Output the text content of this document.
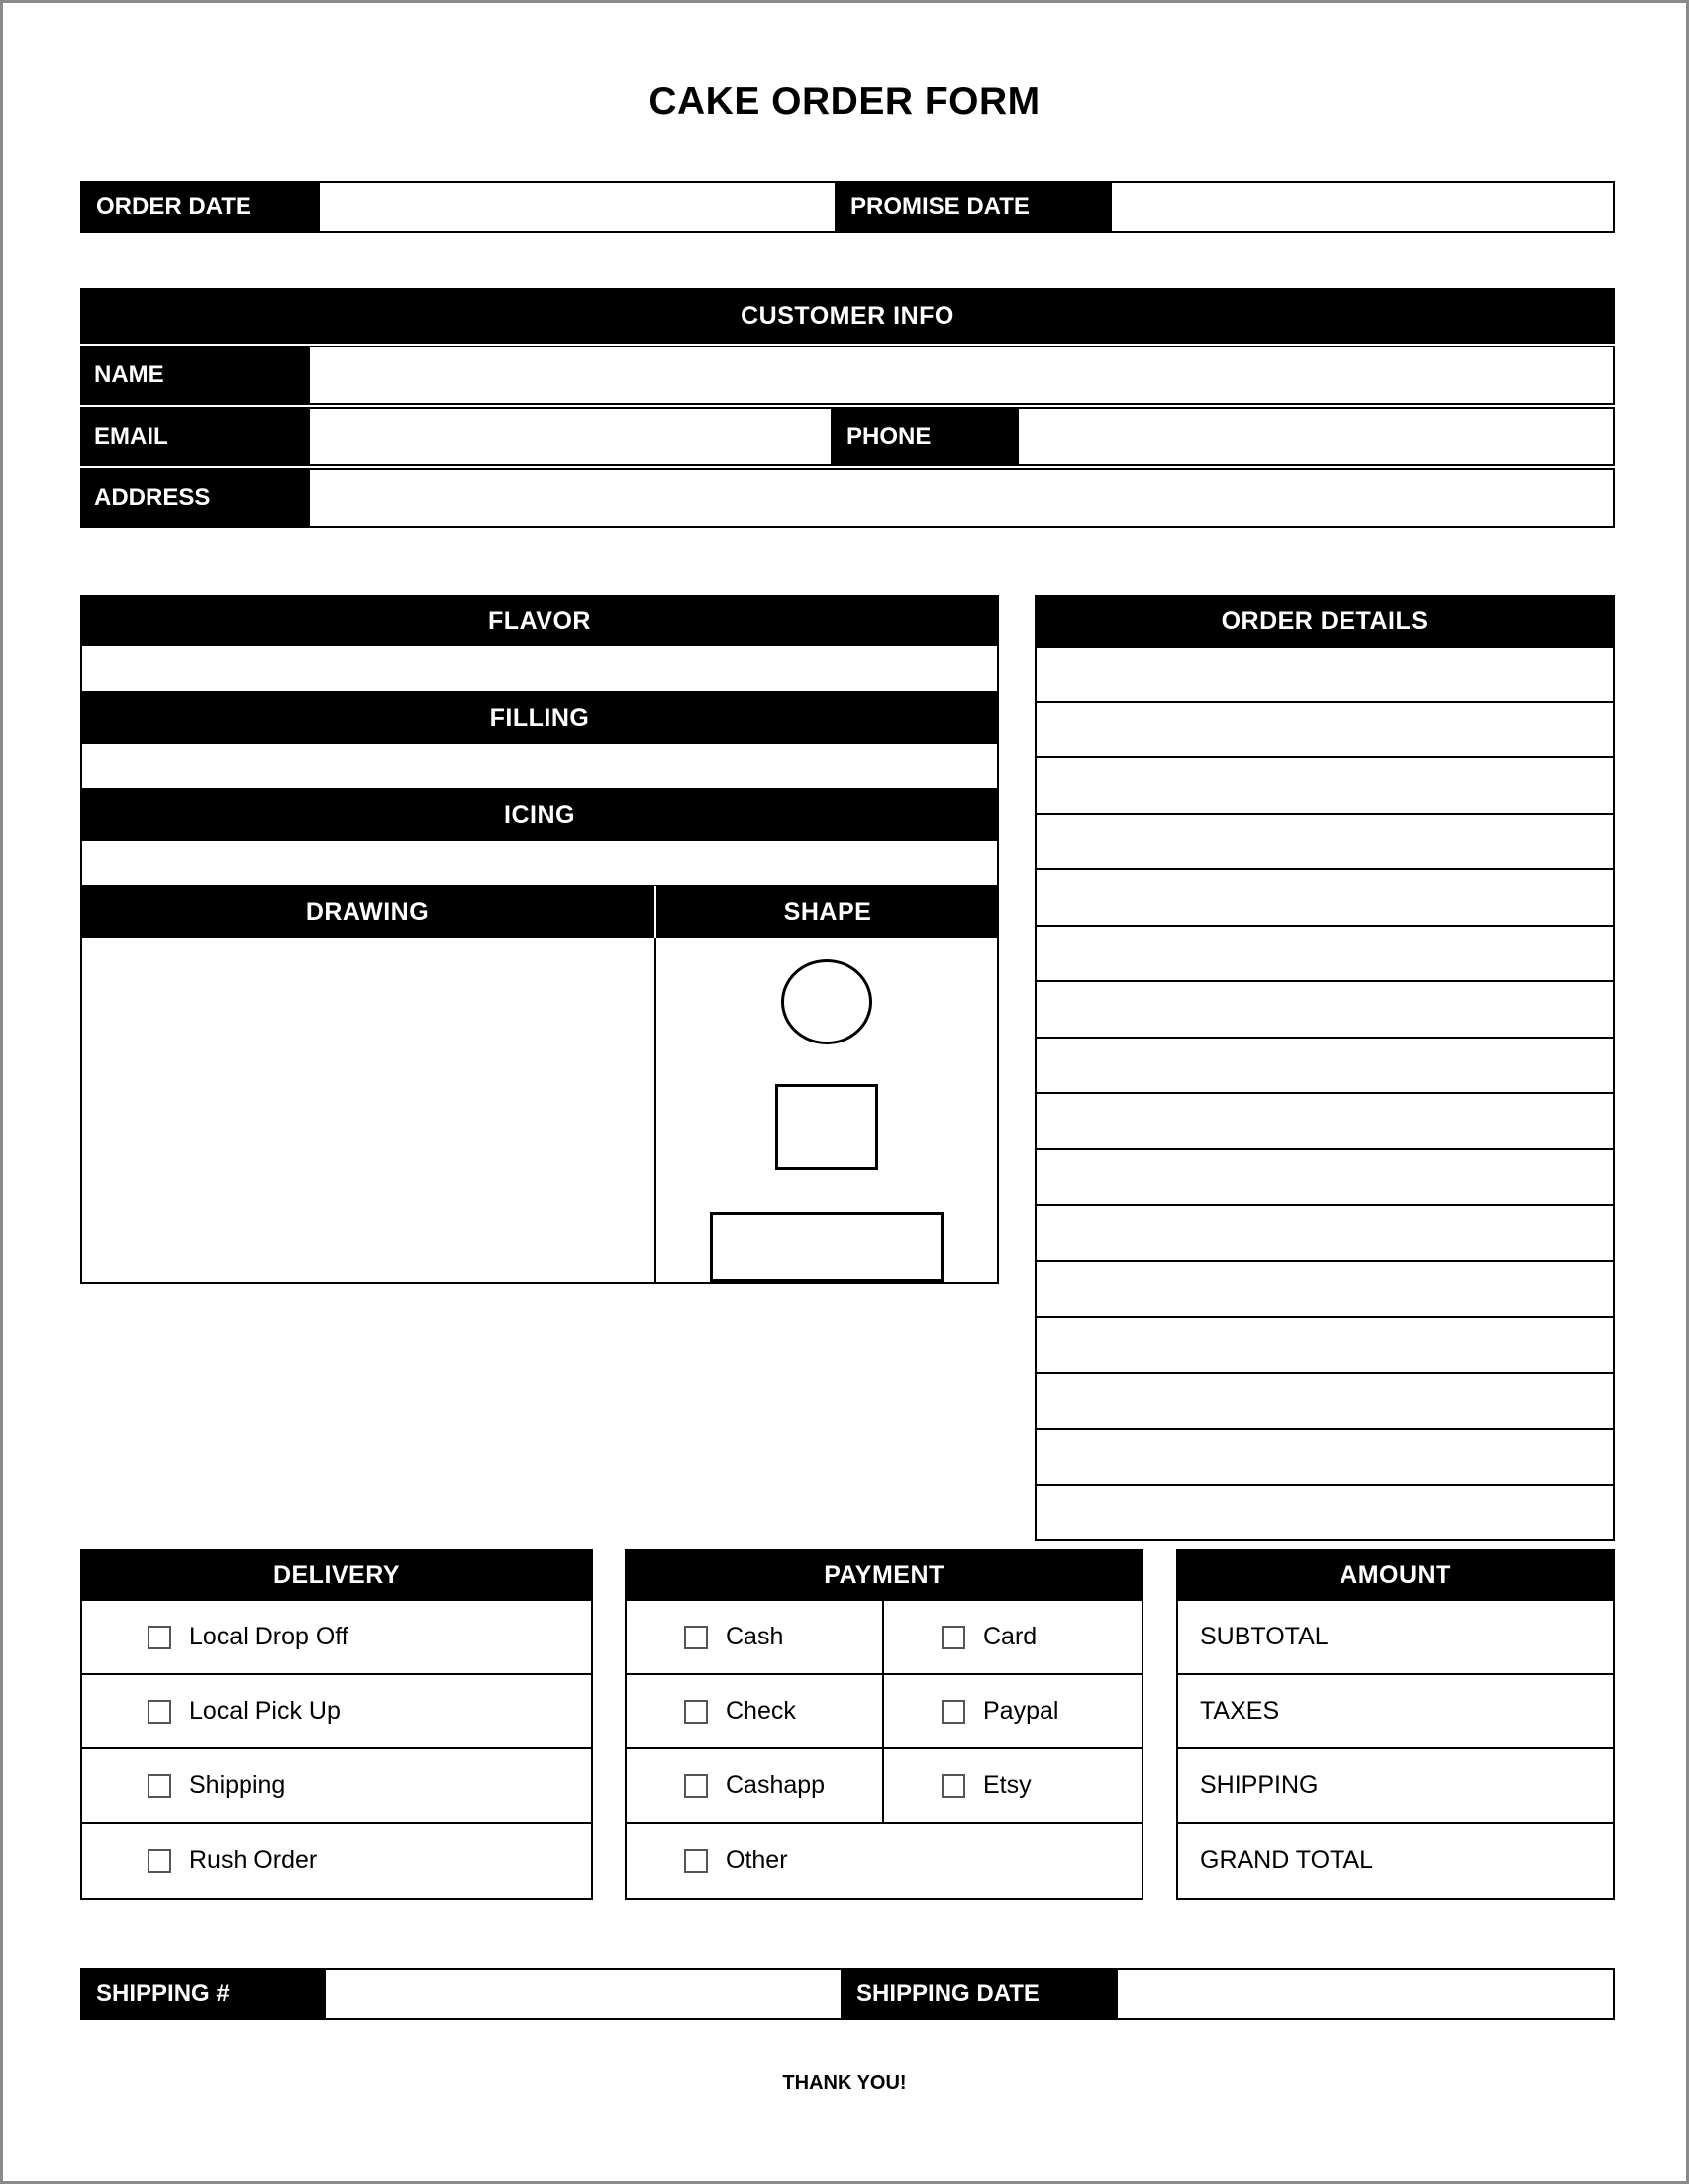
CAKE ORDER FORM
ORDER DATE	PROMISE DATE
CUSTOMER INFO
NAME
EMAIL	PHONE
ADDRESS
FLAVOR
FILLING
ICING
DRAWING	SHAPE
ORDER DETAILS
DELIVERY
Local Drop Off
Local Pick Up
Shipping
Rush Order
PAYMENT
Cash	Card
Check	Paypal
Cashapp	Etsy
Other
AMOUNT
SUBTOTAL
TAXES
SHIPPING
GRAND TOTAL
SHIPPING #	SHIPPING DATE
THANK YOU!
